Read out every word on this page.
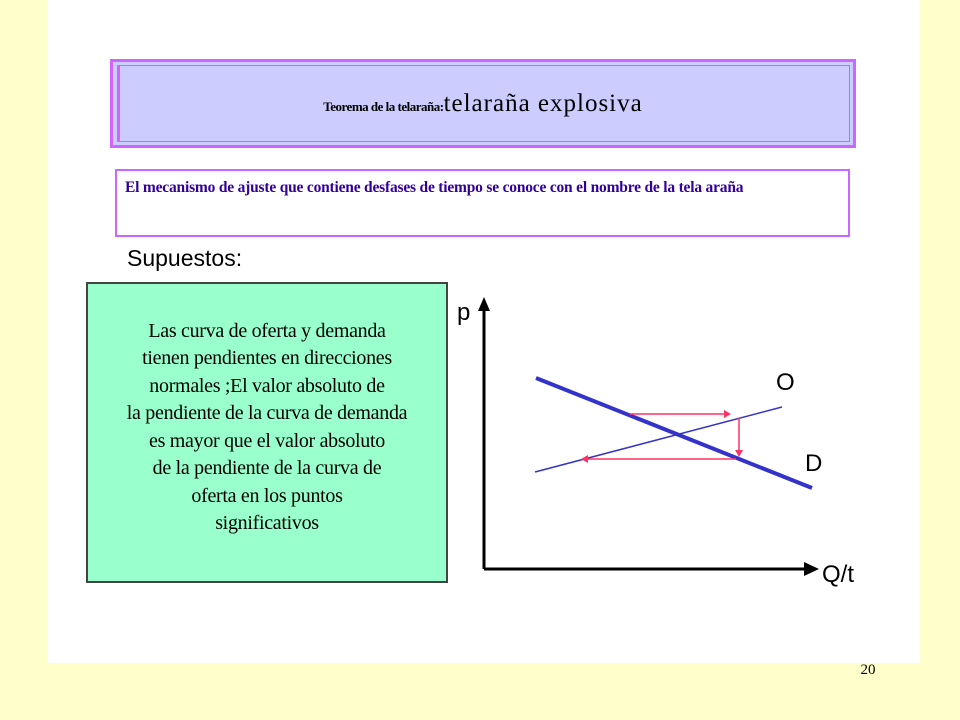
Teorema de la telaraña:telaraña explosiva
El mecanismo de ajuste que contiene desfases de tiempo se conoce con el nombre de la tela araña
Supuestos:
Las curva de oferta y demanda
tienen pendientes en direcciones
normales ;El valor absoluto de
la pendiente de la curva de demanda
es mayor que el valor absoluto
de la pendiente de la curva de
oferta en los puntos
significativos
p
Q/t
O
D
20
